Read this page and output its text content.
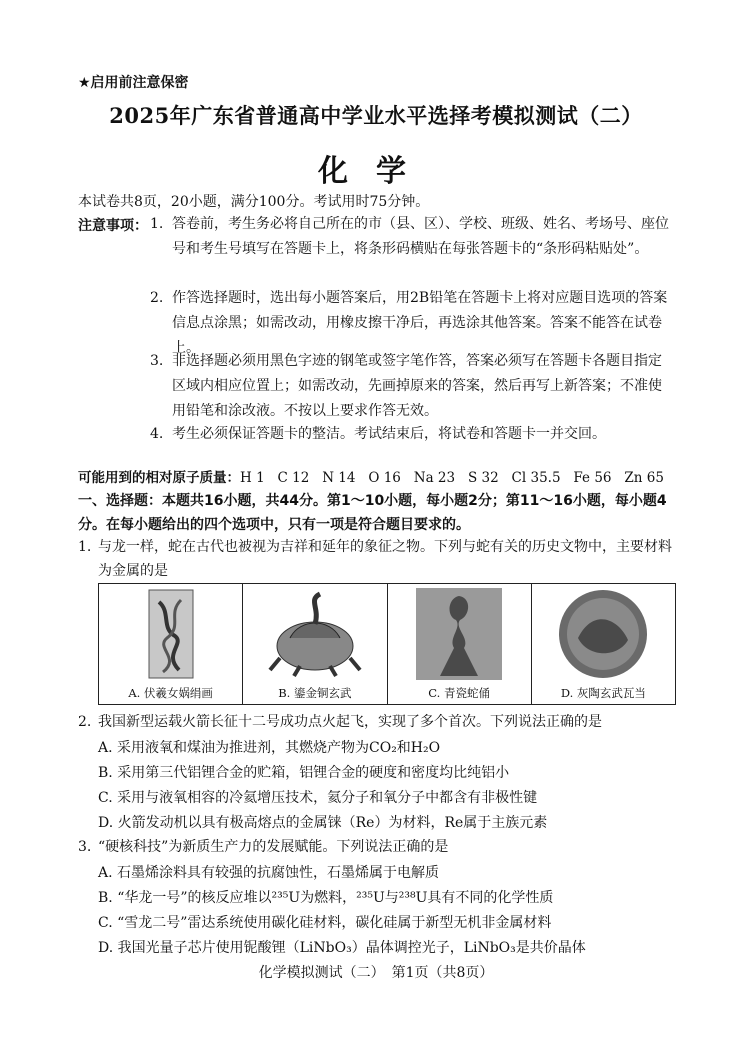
★启用前注意保密
2025年广东省普通高中学业水平选择考模拟测试（二）
化学
本试卷共8页，20小题，满分100分。考试用时75分钟。
注意事项： 1. 答卷前，考生务必将自己所在的市（县、区）、学校、班级、姓名、考场号、座位号和考生号填写在答题卡上，将条形码横贴在每张答题卡的“条形码粘贴处”。
2. 作答选择题时，选出每小题答案后，用2B铅笔在答题卡上将对应题目选项的答案信息点涂黑；如需改动，用橡皮擦干净后，再选涂其他答案。答案不能答在试卷上。
3. 非选择题必须用黑色字迹的钢笔或签字笔作答，答案必须写在答题卡各题目指定区域内相应位置上；如需改动，先画掉原来的答案，然后再写上新答案；不准使用铅笔和涂改液。不按以上要求作答无效。
4. 考生必须保证答题卡的整洁。考试结束后，将试卷和答题卡一并交回。
可能用到的相对原子质量：H 1   C 12   N 14   O 16   Na 23   S 32   Cl 35.5   Fe 56   Zn 65
一、选择题：本题共16小题，共44分。第1～10小题，每小题2分；第11～16小题，每小题4分。在每小题给出的四个选项中，只有一项是符合题目要求的。
1. 与龙一样，蛇在古代也被视为吉祥和延年的象征之物。下列与蛇有关的历史文物中，主要材料为金属的是
A. 伏羲女娲绢画	B. 鎏金铜玄武	C. 青瓷蛇俑	D. 灰陶玄武瓦当
2. 我国新型运载火箭长征十二号成功点火起飞，实现了多个首次。下列说法正确的是
A. 采用液氧和煤油为推进剂，其燃烧产物为CO₂和H₂O
B. 采用第三代铝锂合金的贮箱，铝锂合金的硬度和密度均比纯铝小
C. 采用与液氧相容的冷氦增压技术，氦分子和氧分子中都含有非极性键
D. 火箭发动机以具有极高熔点的金属铼（Re）为材料，Re属于主族元素
3. “硬核科技”为新质生产力的发展赋能。下列说法正确的是
A. 石墨烯涂料具有较强的抗腐蚀性，石墨烯属于电解质
B. “华龙一号”的核反应堆以²³⁵U为燃料，²³⁵U与²³⁸U具有不同的化学性质
C. “雪龙二号”雷达系统使用碳化硅材料，碳化硅属于新型无机非金属材料
D. 我国光量子芯片使用铌酸锂（LiNbO₃）晶体调控光子，LiNbO₃是共价晶体
化学模拟测试（二）　第1页（共8页）
